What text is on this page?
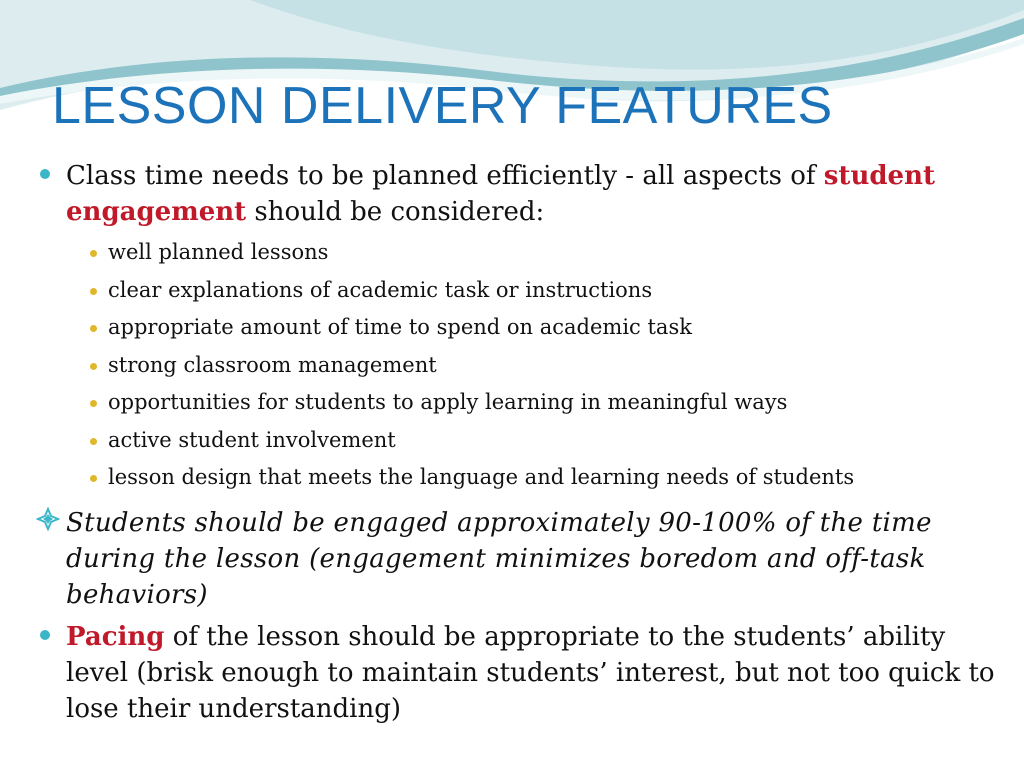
LESSON DELIVERY FEATURES
Class time needs to be planned efficiently - all aspects of student engagement should be considered:
well planned lessons
clear explanations of academic task or instructions
appropriate amount of time to spend on academic task
strong classroom management
opportunities for students to apply learning in meaningful ways
active student involvement
lesson design that meets the language and learning needs of students
Students should be engaged approximately 90-100% of the time during the lesson (engagement minimizes boredom and off-task behaviors)
Pacing of the lesson should be appropriate to the students’ ability level (brisk enough to maintain students’ interest, but not too quick to lose their understanding)
